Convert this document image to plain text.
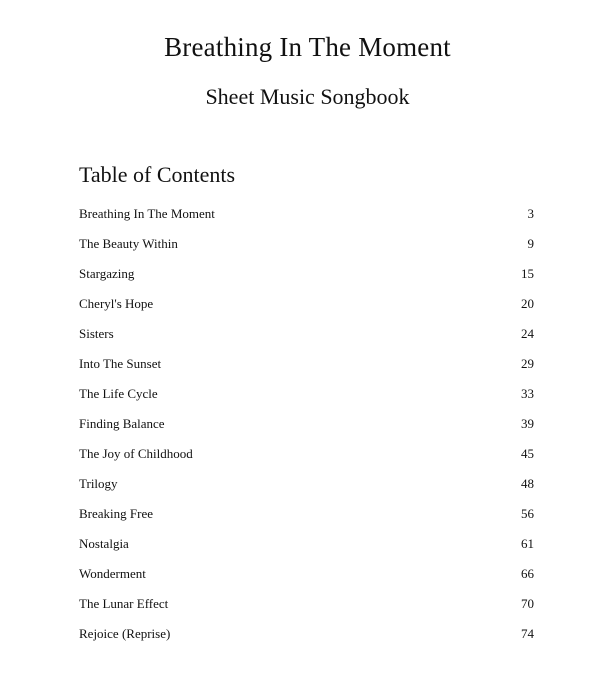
Breathing In The Moment
Sheet Music Songbook
Table of Contents
Breathing In The Moment	3
The Beauty Within	9
Stargazing	15
Cheryl's Hope	20
Sisters	24
Into The Sunset	29
The Life Cycle	33
Finding Balance	39
The Joy of Childhood	45
Trilogy	48
Breaking Free	56
Nostalgia	61
Wonderment	66
The Lunar Effect	70
Rejoice (Reprise)	74
